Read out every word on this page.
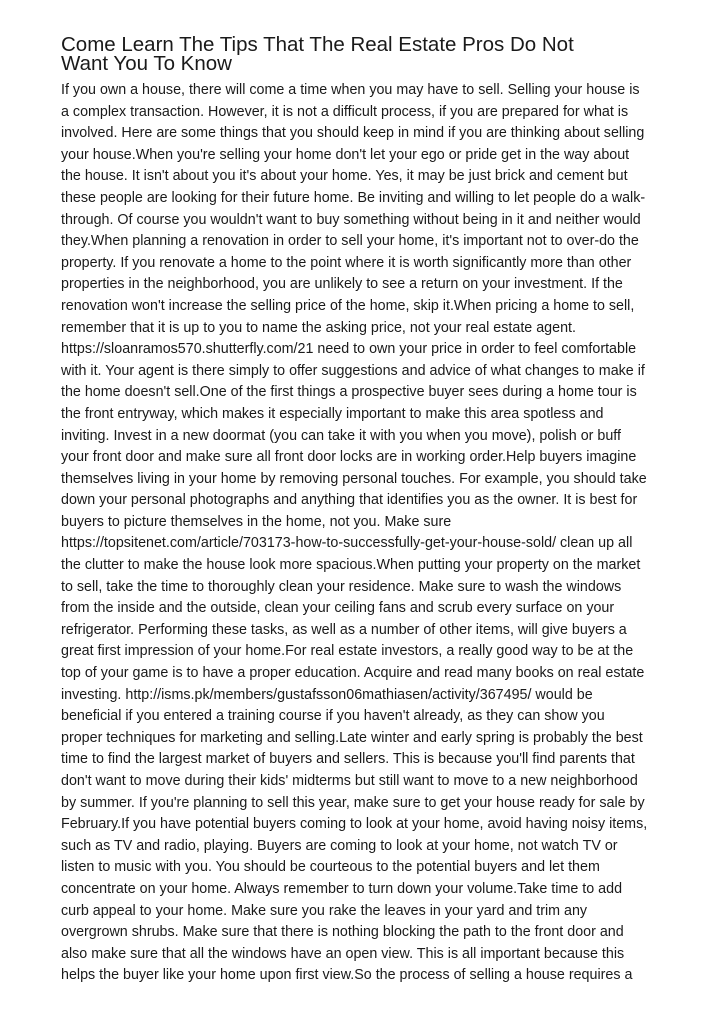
Come Learn The Tips That The Real Estate Pros Do Not
Want You To Know
If you own a house, there will come a time when you may have to sell. Selling your house is
a complex transaction. However, it is not a difficult process, if you are prepared for what is
involved. Here are some things that you should keep in mind if you are thinking about selling
your house.When you're selling your home don't let your ego or pride get in the way about
the house. It isn't about you it's about your home. Yes, it may be just brick and cement but
these people are looking for their future home. Be inviting and willing to let people do a walk-
through. Of course you wouldn't want to buy something without being in it and neither would
they.When planning a renovation in order to sell your home, it's important not to over-do the
property. If you renovate a home to the point where it is worth significantly more than other
properties in the neighborhood, you are unlikely to see a return on your investment. If the
renovation won't increase the selling price of the home, skip it.When pricing a home to sell,
remember that it is up to you to name the asking price, not your real estate agent.
https://sloanramos570.shutterfly.com/21 need to own your price in order to feel comfortable
with it. Your agent is there simply to offer suggestions and advice of what changes to make if
the home doesn't sell.One of the first things a prospective buyer sees during a home tour is
the front entryway, which makes it especially important to make this area spotless and
inviting. Invest in a new doormat (you can take it with you when you move), polish or buff
your front door and make sure all front door locks are in working order.Help buyers imagine
themselves living in your home by removing personal touches. For example, you should take
down your personal photographs and anything that identifies you as the owner. It is best for
buyers to picture themselves in the home, not you. Make sure
https://topsitenet.com/article/703173-how-to-successfully-get-your-house-sold/ clean up all
the clutter to make the house look more spacious.When putting your property on the market
to sell, take the time to thoroughly clean your residence. Make sure to wash the windows
from the inside and the outside, clean your ceiling fans and scrub every surface on your
refrigerator. Performing these tasks, as well as a number of other items, will give buyers a
great first impression of your home.For real estate investors, a really good way to be at the
top of your game is to have a proper education. Acquire and read many books on real estate
investing. http://isms.pk/members/gustafsson06mathiasen/activity/367495/ would be
beneficial if you entered a training course if you haven't already, as they can show you
proper techniques for marketing and selling.Late winter and early spring is probably the best
time to find the largest market of buyers and sellers. This is because you'll find parents that
don't want to move during their kids' midterms but still want to move to a new neighborhood
by summer. If you're planning to sell this year, make sure to get your house ready for sale by
February.If you have potential buyers coming to look at your home, avoid having noisy items,
such as TV and radio, playing. Buyers are coming to look at your home, not watch TV or
listen to music with you. You should be courteous to the potential buyers and let them
concentrate on your home. Always remember to turn down your volume.Take time to add
curb appeal to your home. Make sure you rake the leaves in your yard and trim any
overgrown shrubs. Make sure that there is nothing blocking the path to the front door and
also make sure that all the windows have an open view. This is all important because this
helps the buyer like your home upon first view.So the process of selling a house requires a
